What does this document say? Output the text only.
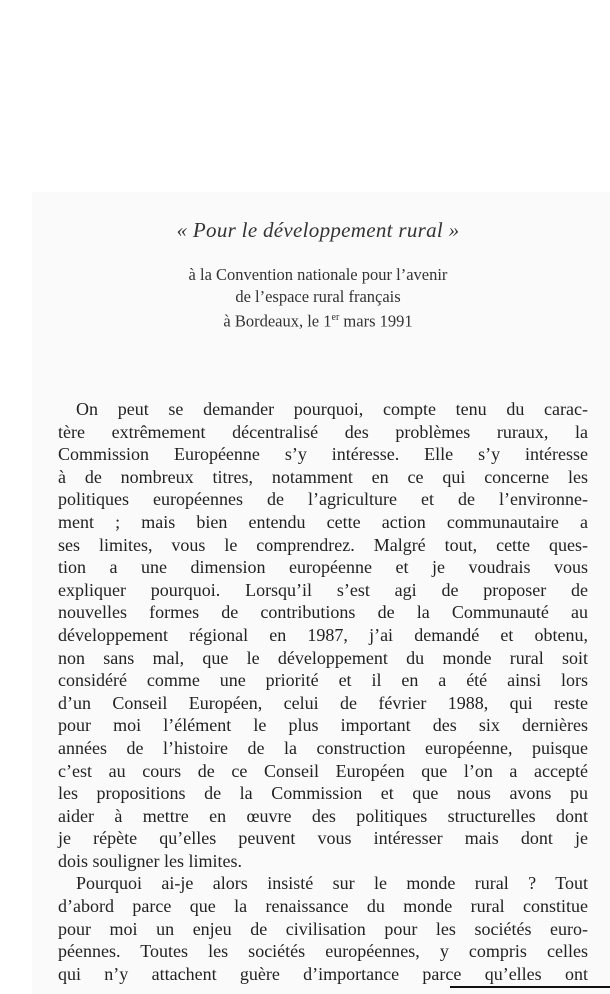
« Pour le développement rural »
à la Convention nationale pour l’avenir
de l’espace rural français
à Bordeaux, le 1er mars 1991
On peut se demander pourquoi, compte tenu du carac-
tère extrêmement décentralisé des problèmes ruraux, la
Commission Européenne s’y intéresse. Elle s’y intéresse
à de nombreux titres, notamment en ce qui concerne les
politiques européennes de l’agriculture et de l’environne-
ment ; mais bien entendu cette action communautaire a
ses limites, vous le comprendrez. Malgré tout, cette ques-
tion a une dimension européenne et je voudrais vous
expliquer pourquoi. Lorsqu’il s’est agi de proposer de
nouvelles formes de contributions de la Communauté au
développement régional en 1987, j’ai demandé et obtenu,
non sans mal, que le développement du monde rural soit
considéré comme une priorité et il en a été ainsi lors
d’un Conseil Européen, celui de février 1988, qui reste
pour moi l’élément le plus important des six dernières
années de l’histoire de la construction européenne, puisque
c’est au cours de ce Conseil Européen que l’on a accepté
les propositions de la Commission et que nous avons pu
aider à mettre en œuvre des politiques structurelles dont
je répète qu’elles peuvent vous intéresser mais dont je
dois souligner les limites.
Pourquoi ai-je alors insisté sur le monde rural ? Tout
d’abord parce que la renaissance du monde rural constitue
pour moi un enjeu de civilisation pour les sociétés euro-
péennes. Toutes les sociétés européennes, y compris celles
qui n’y attachent guère d’importance parce qu’elles ont
